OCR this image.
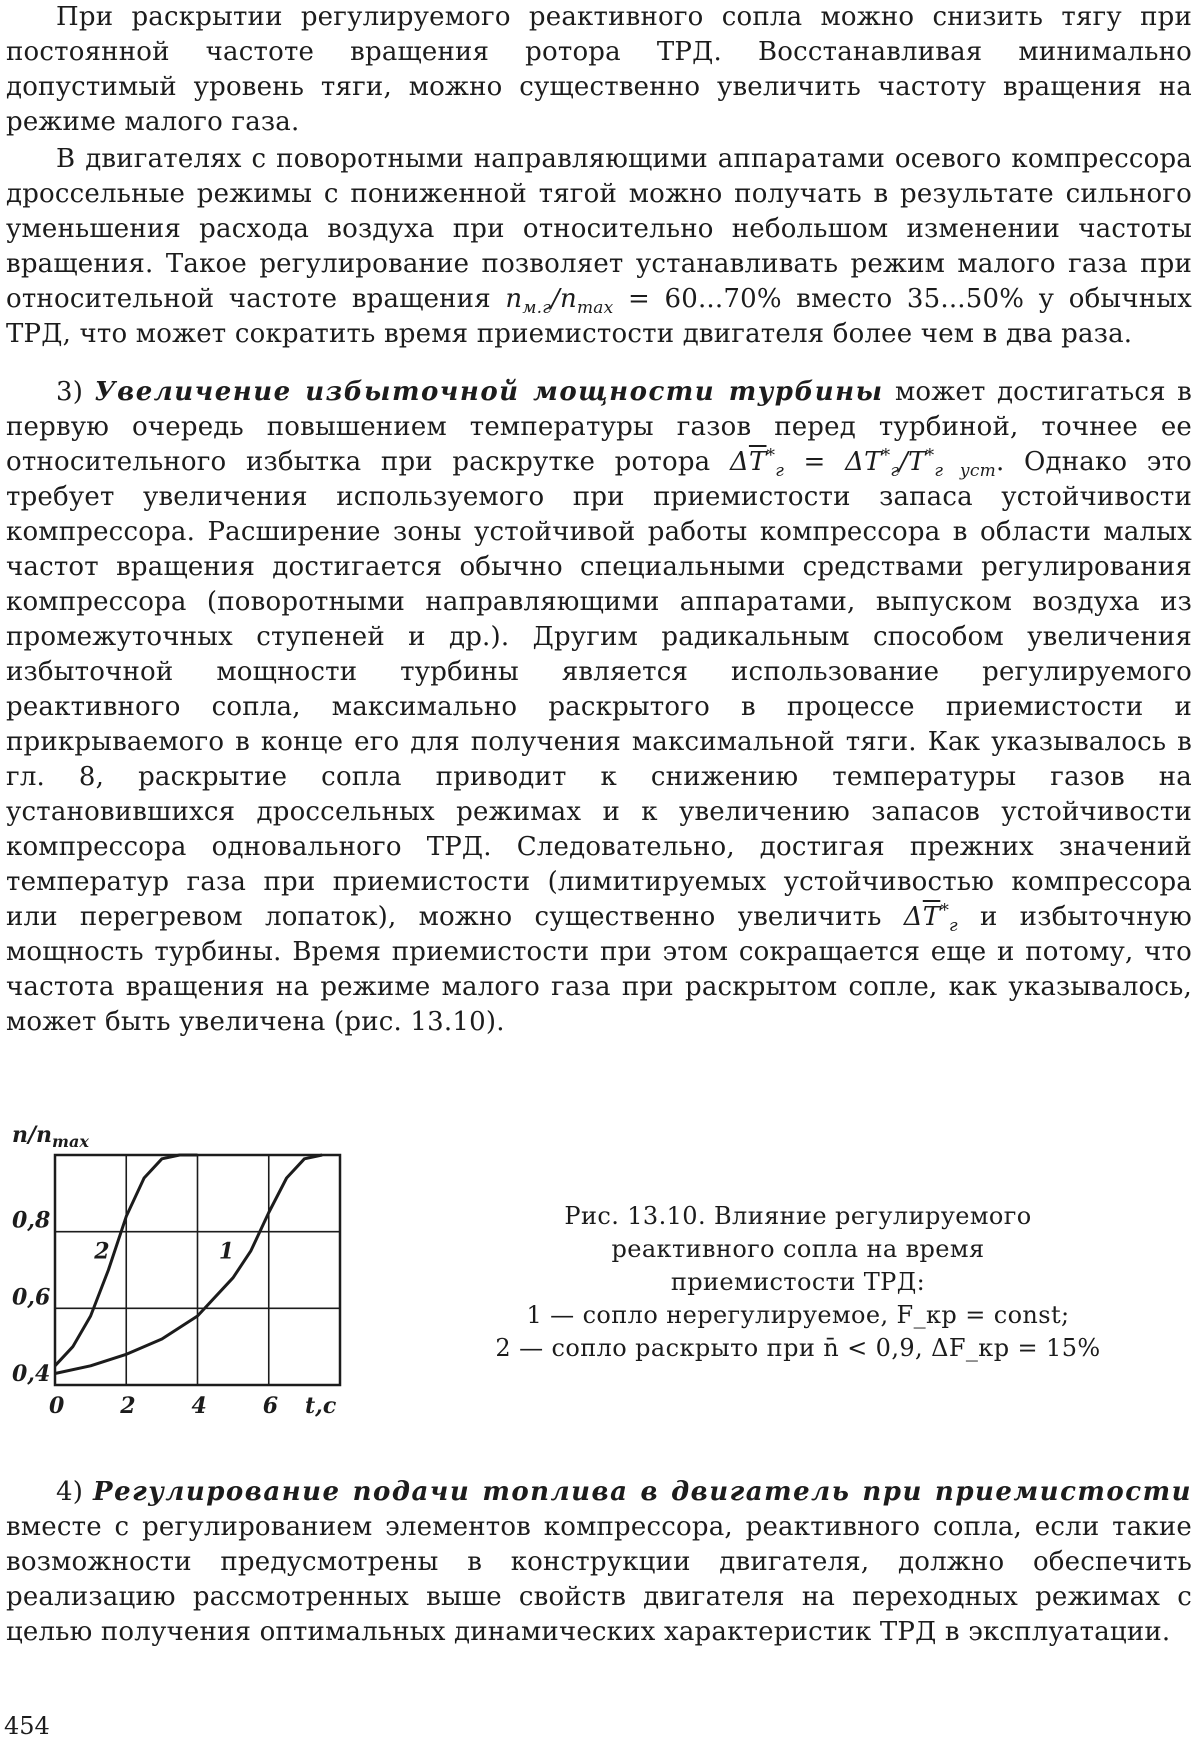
При раскрытии регулируемого реактивного сопла можно снизить тягу при постоянной частоте вращения ротора ТРД. Восстанавливая минимально допустимый уровень тяги, можно существенно увеличить частоту вращения на режиме малого газа.

В двигателях с поворотными направляющими аппаратами осевого компрессора дроссельные режимы с пониженной тягой можно получать в результате сильного уменьшения расхода воздуха при относительно небольшом изменении частоты вращения. Такое регулирование позволяет устанавливать режим малого газа при относительной частоте вращения $n_{м.г}/n_{max} = 60...70\%$ вместо 35...50% у обычных ТРД, что может сократить время приемистости двигателя более чем в два раза.

3) Увеличение избыточной мощности турбины может достигаться в первую очередь повышением температуры газов перед турбиной, точнее ее относительного избытка при раскрутке ротора $\Delta\overline{T}^*_г = \Delta T^*_г/T^*_{г уст}$. Однако это требует увеличения используемого при приемистости запаса устойчивости компрессора. Расширение зоны устойчивой работы компрессора в области малых частот вращения достигается обычно специальными средствами регулирования компрессора (поворотными направляющими аппаратами, выпуском воздуха из промежуточных ступеней и др.). Другим радикальным способом увеличения избыточной мощности турбины является использование регулируемого реактивного сопла, максимально раскрытого в процессе приемистости и прикрываемого в конце его для получения максимальной тяги. Как указывалось в гл. 8, раскрытие сопла приводит к снижению температуры газов на установившихся дроссельных режимах и к увеличению запасов устойчивости компрессора одновального ТРД. Следовательно, достигая прежних значений температур газа при приемистости (лимитируемых устойчивостью компрессора или перегревом лопаток), можно существенно увеличить $\Delta\overline{T}^*_г$ и избыточную мощность турбины. Время приемистости при этом сокращается еще и потому, что частота вращения на режиме малого газа при раскрытом сопле, как указывалось, может быть увеличена (рис. 13.10).

$n/n_{max}$
0,8
0,6
0,4
0	2	4	6 t,c
1
2
Рис. 13.10. Влияние регулируемого
реактивного сопла на время
приемистости ТРД:
1 — сопло нерегулируемое, F_кр = const;
2 — сопло раскрыто при n̄ < 0,9, ΔF_кр = 15%

4) Регулирование подачи топлива в двигатель при приемистости вместе с регулированием элементов компрессора, реактивного сопла, если такие возможности предусмотрены в конструкции двигателя, должно обеспечить реализацию рассмотренных выше свойств двигателя на переходных режимах с целью получения оптимальных динамических характеристик ТРД в эксплуатации.

454
